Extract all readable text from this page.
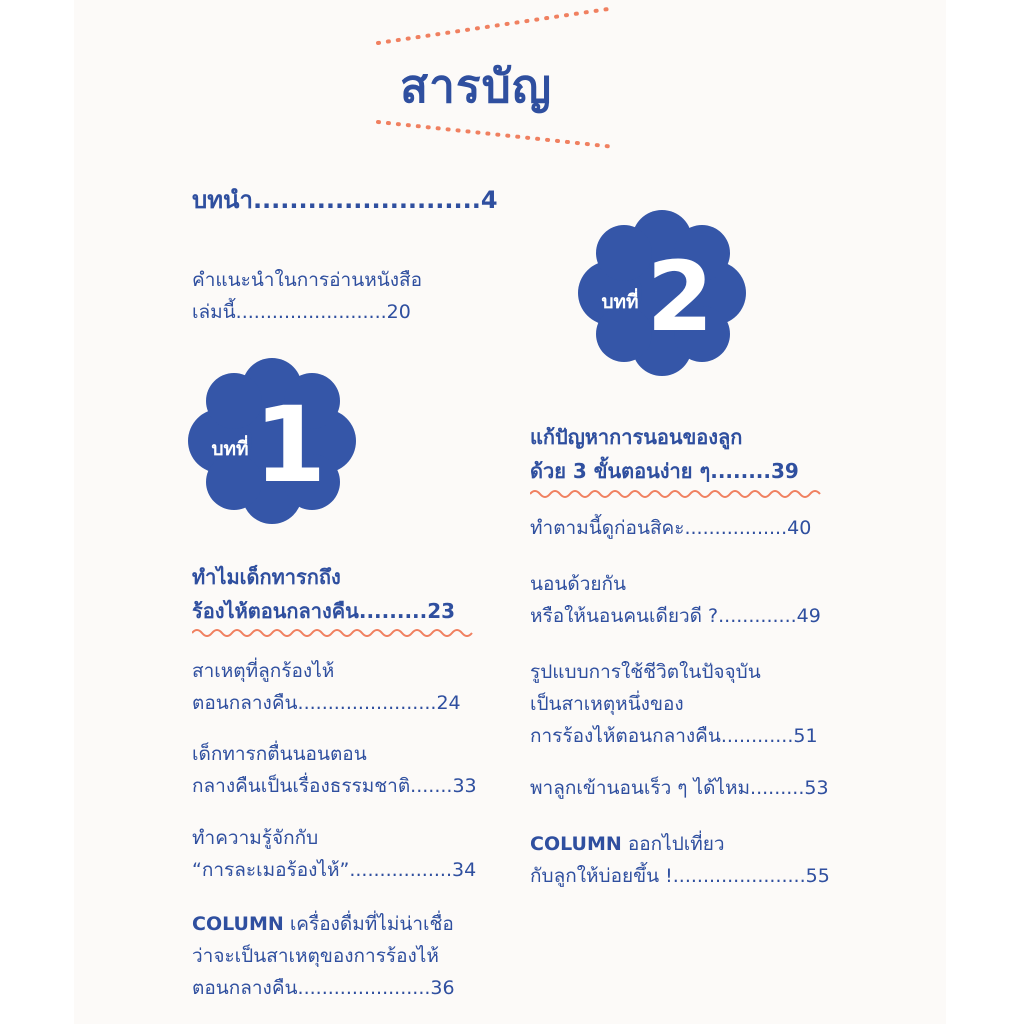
สารบัญ
บทนำ.........................4
คำแนะนำในการอ่านหนังสือ
เล่มนี้.........................20
1
บทที่
ทำไมเด็กทารกถึง
ร้องไห้ตอนกลางคืน.........23
สาเหตุที่ลูกร้องไห้
ตอนกลางคืน.......................24
เด็กทารกตื่นนอนตอน
กลางคืนเป็นเรื่องธรรมชาติ.......33
ทำความรู้จักกับ
“การละเมอร้องไห้”.................34
COLUMN เครื่องดื่มที่ไม่น่าเชื่อ
ว่าจะเป็นสาเหตุของการร้องไห้
ตอนกลางคืน......................36
2
บทที่
แก้ปัญหาการนอนของลูก
ด้วย 3 ขั้นตอนง่าย ๆ........39
ทำตามนี้ดูก่อนสิคะ.................40
นอนด้วยกัน
หรือให้นอนคนเดียวดี ?.............49
รูปแบบการใช้ชีวิตในปัจจุบัน
เป็นสาเหตุหนึ่งของ
การร้องไห้ตอนกลางคืน............51
พาลูกเข้านอนเร็ว ๆ ได้ไหม.........53
COLUMN ออกไปเที่ยว
กับลูกให้บ่อยขึ้น !......................55
